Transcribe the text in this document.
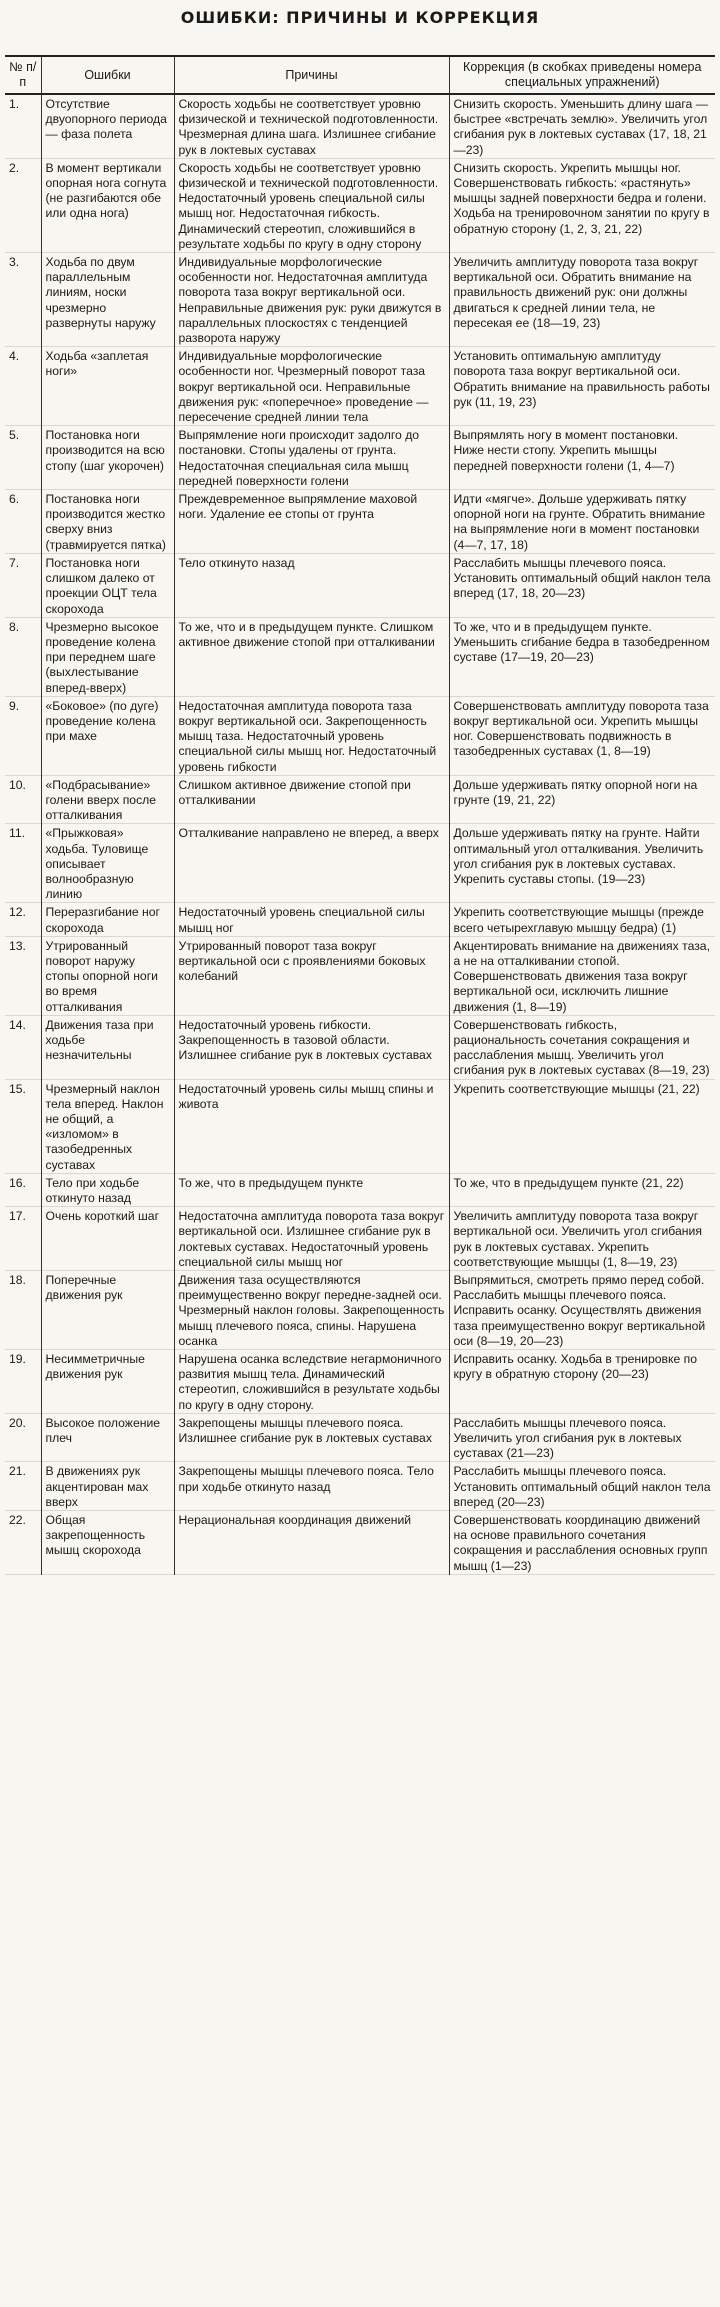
ОШИБКИ: ПРИЧИНЫ И КОРРЕКЦИЯ
№ п/п	Ошибки	Причины	Коррекция (в скобках приведены номера специальных упражнений)
1.	Отсутствие двуопорного периода — фаза полета	Скорость ходьбы не соответствует уровню физической и технической подготовленности. Чрезмерная длина шага. Излишнее сгибание рук в локтевых суставах	Снизить скорость. Уменьшить длину шага — быстрее «встречать землю». Увеличить угол сгибания рук в локтевых суставах (17, 18, 21—23)
2.	В момент вертикали опорная нога согнута (не разгибаются обе или одна нога)	Скорость ходьбы не соответствует уровню физической и технической подготовленности. Недостаточный уровень специальной силы мышц ног. Недостаточная гибкость. Динамический стереотип, сложившийся в результате ходьбы по кругу в одну сторону	Снизить скорость. Укрепить мышцы ног. Совершенствовать гибкость: «растянуть» мышцы задней поверхности бедра и голени. Ходьба на тренировочном занятии по кругу в обратную сторону (1, 2, 3, 21, 22)
3.	Ходьба по двум параллельным линиям, носки чрезмерно развернуты наружу	Индивидуальные морфологические особенности ног. Недостаточная амплитуда поворота таза вокруг вертикальной оси. Неправильные движения рук: руки движутся в параллельных плоскостях с тенденцией разворота наружу	Увеличить амплитуду поворота таза вокруг вертикальной оси. Обратить внимание на правильность движений рук: они должны двигаться к средней линии тела, не пересекая ее (18—19, 23)
4.	Ходьба «заплетая ноги»	Индивидуальные морфологические особенности ног. Чрезмерный поворот таза вокруг вертикальной оси. Неправильные движения рук: «поперечное» проведение — пересечение средней линии тела	Установить оптимальную амплитуду поворота таза вокруг вертикальной оси. Обратить внимание на правильность работы рук (11, 19, 23)
5.	Постановка ноги производится на всю стопу (шаг укорочен)	Выпрямление ноги происходит задолго до постановки. Стопы удалены от грунта. Недостаточная специальная сила мышц передней поверхности голени	Выпрямлять ногу в момент постановки. Ниже нести стопу. Укрепить мышцы передней поверхности голени (1, 4—7)
6.	Постановка ноги производится жестко сверху вниз (травмируется пятка)	Преждевременное выпрямление маховой ноги. Удаление ее стопы от грунта	Идти «мягче». Дольше удерживать пятку опорной ноги на грунте. Обратить внимание на выпрямление ноги в момент постановки (4—7, 17, 18)
7.	Постановка ноги слишком далеко от проекции ОЦТ тела скорохода	Тело откинуто назад	Расслабить мышцы плечевого пояса. Установить оптимальный общий наклон тела вперед (17, 18, 20—23)
8.	Чрезмерно высокое проведение колена при переднем шаге (выхлестывание вперед-вверх)	То же, что и в предыдущем пункте. Слишком активное движение стопой при отталкивании	То же, что и в предыдущем пункте. Уменьшить сгибание бедра в тазобедренном суставе (17—19, 20—23)
9.	«Боковое» (по дуге) проведение колена при махе	Недостаточная амплитуда поворота таза вокруг вертикальной оси. Закрепощенность мышц таза. Недостаточный уровень специальной силы мышц ног. Недостаточный уровень гибкости	Совершенствовать амплитуду поворота таза вокруг вертикальной оси. Укрепить мышцы ног. Совершенствовать подвижность в тазобедренных суставах (1, 8—19)
10.	«Подбрасывание» голени вверх после отталкивания	Слишком активное движение стопой при отталкивании	Дольше удерживать пятку опорной ноги на грунте (19, 21, 22)
11.	«Прыжковая» ходьба. Туловище описывает волнообразную линию	Отталкивание направлено не вперед, а вверх	Дольше удерживать пятку на грунте. Найти оптимальный угол отталкивания. Увеличить угол сгибания рук в локтевых суставах. Укрепить суставы стопы. (19—23)
12.	Переразгибание ног скорохода	Недостаточный уровень специальной силы мышц ног	Укрепить соответствующие мышцы (прежде всего четырехглавую мышцу бедра) (1)
13.	Утрированный поворот наружу стопы опорной ноги во время отталкивания	Утрированный поворот таза вокруг вертикальной оси с проявлениями боковых колебаний	Акцентировать внимание на движениях таза, а не на отталкивании стопой. Совершенствовать движения таза вокруг вертикальной оси, исключить лишние движения (1, 8—19)
14.	Движения таза при ходьбе незначительны	Недостаточный уровень гибкости. Закрепощенность в тазовой области. Излишнее сгибание рук в локтевых суставах	Совершенствовать гибкость, рациональность сочетания сокращения и расслабления мышц. Увеличить угол сгибания рук в локтевых суставах (8—19, 23)
15.	Чрезмерный наклон тела вперед. Наклон не общий, а «изломом» в тазобедренных суставах	Недостаточный уровень силы мышц спины и живота	Укрепить соответствующие мышцы (21, 22)
16.	Тело при ходьбе откинуто назад	То же, что в предыдущем пункте	То же, что в предыдущем пункте (21, 22)
17.	Очень короткий шаг	Недостаточна амплитуда поворота таза вокруг вертикальной оси. Излишнее сгибание рук в локтевых суставах. Недостаточный уровень специальной силы мышц ног	Увеличить амплитуду поворота таза вокруг вертикальной оси. Увеличить угол сгибания рук в локтевых суставах. Укрепить соответствующие мышцы (1, 8—19, 23)
18.	Поперечные движения рук	Движения таза осуществляются преимущественно вокруг передне-задней оси. Чрезмерный наклон головы. Закрепощенность мышц плечевого пояса, спины. Нарушена осанка	Выпрямиться, смотреть прямо перед собой. Расслабить мышцы плечевого пояса. Исправить осанку. Осуществлять движения таза преимущественно вокруг вертикальной оси (8—19, 20—23)
19.	Несимметричные движения рук	Нарушена осанка вследствие негармоничного развития мышц тела. Динамический стереотип, сложившийся в результате ходьбы по кругу в одну сторону.	Исправить осанку. Ходьба в тренировке по кругу в обратную сторону (20—23)
20.	Высокое положение плеч	Закрепощены мышцы плечевого пояса. Излишнее сгибание рук в локтевых суставах	Расслабить мышцы плечевого пояса. Увеличить угол сгибания рук в локтевых суставах (21—23)
21.	В движениях рук акцентирован мах вверх	Закрепощены мышцы плечевого пояса. Тело при ходьбе откинуто назад	Расслабить мышцы плечевого пояса. Установить оптимальный общий наклон тела вперед (20—23)
22.	Общая закрепощенность мышц скорохода	Нерациональная координация движений	Совершенствовать координацию движений на основе правильного сочетания сокращения и расслабления основных групп мышц (1—23)
